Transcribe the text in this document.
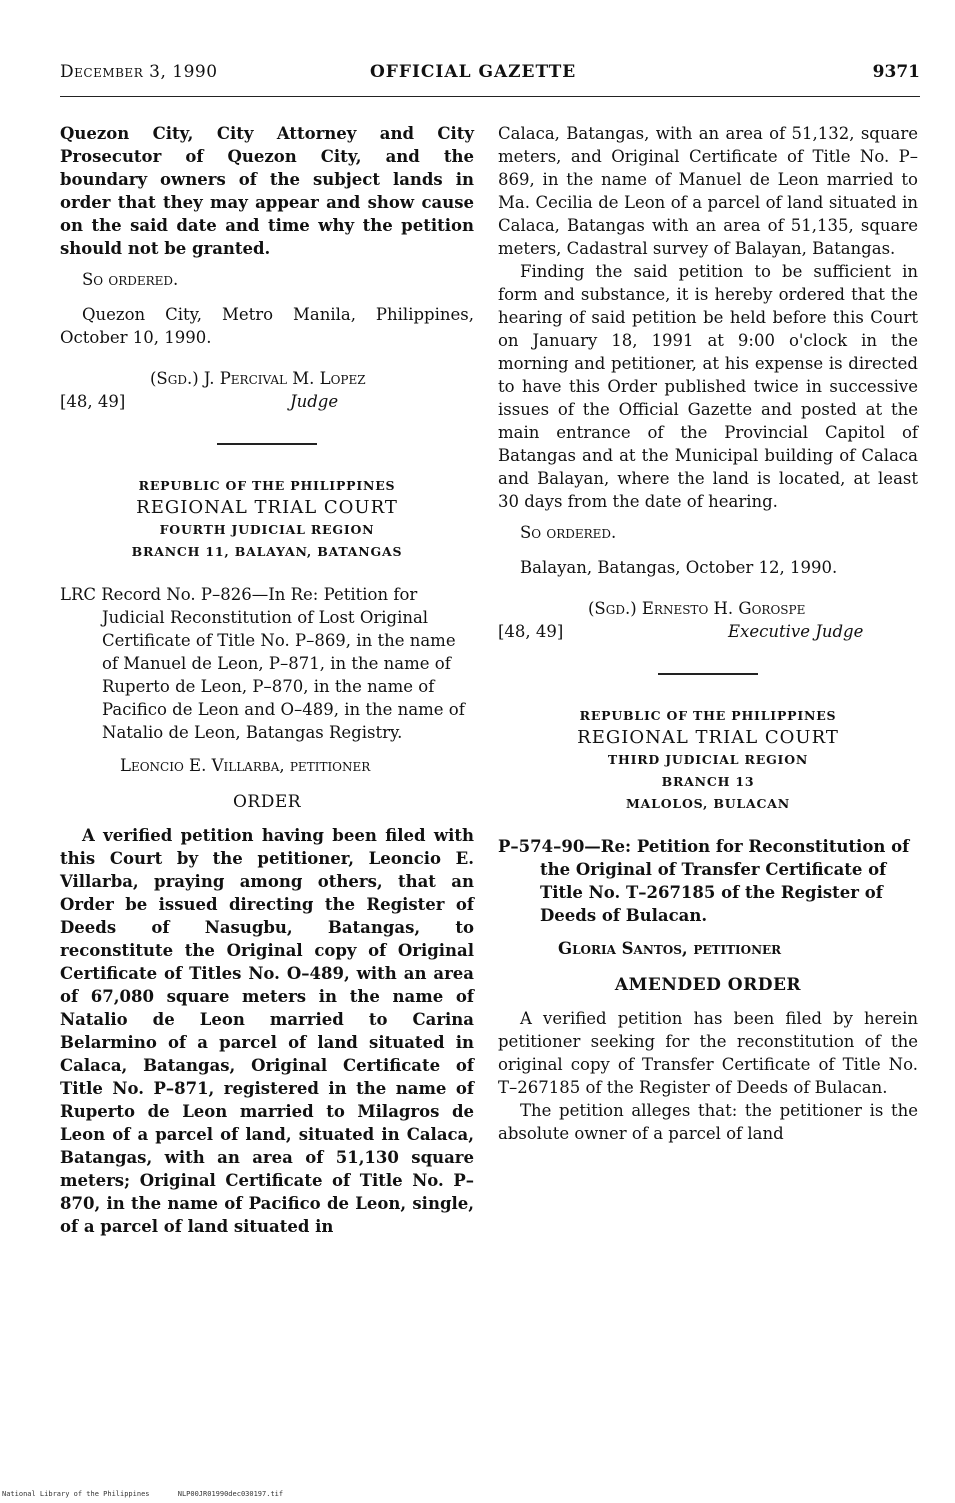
December 3, 1990	OFFICIAL GAZETTE	9371

Quezon City, City Attorney and City Prosecutor of Quezon City, and the boundary owners of the subject lands in order that they may appear and show cause on the said date and time why the petition should not be granted.

So ordered.

Quezon City, Metro Manila, Philippines, October 10, 1990.

(Sgd.) J. Percival M. Lopez
[48, 49]	Judge
REPUBLIC OF THE PHILIPPINES
REGIONAL TRIAL COURT
FOURTH JUDICIAL REGION
BRANCH 11, BALAYAN, BATANGAS

LRC Record No. P–826—In Re: Petition for Judicial Reconstitution of Lost Original Certificate of Title No. P–869, in the name of Manuel de Leon, P–871, in the name of Ruperto de Leon, P–870, in the name of Pacifico de Leon and O–489, in the name of Natalio de Leon, Batangas Registry.

Leoncio E. Villarba, petitioner

ORDER

A verified petition having been filed with this Court by the petitioner, Leoncio E. Villarba, praying among others, that an Order be issued directing the Register of Deeds of Nasugbu, Batangas, to reconstitute the Original copy of Original Certificate of Titles No. O–489, with an area of 67,080 square meters in the name of Natalio de Leon married to Carina Belarmino of a parcel of land situated in Calaca, Batangas, Original Certificate of Title No. P–871, registered in the name of Ruperto de Leon married to Milagros de Leon of a parcel of land, situated in Calaca, Batangas, with an area of 51,130 square meters; Original Certificate of Title No. P–870, in the name of Pacifico de Leon, single, of a parcel of land situated in

Calaca, Batangas, with an area of 51,132, square meters, and Original Certificate of Title No. P–869, in the name of Manuel de Leon married to Ma. Cecilia de Leon of a parcel of land situated in Calaca, Batangas with an area of 51,135, square meters, Cadastral survey of Balayan, Batangas.

Finding the said petition to be sufficient in form and substance, it is hereby ordered that the hearing of said petition be held before this Court on January 18, 1991 at 9:00 o'clock in the morning and petitioner, at his expense is directed to have this Order published twice in successive issues of the Official Gazette and posted at the main entrance of the Provincial Capitol of Batangas and at the Municipal building of Calaca and Balayan, where the land is located, at least 30 days from the date of hearing.

So ordered.

Balayan, Batangas, October 12, 1990.

(Sgd.) Ernesto H. Gorospe
[48, 49]	Executive Judge
REPUBLIC OF THE PHILIPPINES
REGIONAL TRIAL COURT
THIRD JUDICIAL REGION
BRANCH 13
MALOLOS, BULACAN

P–574–90—Re: Petition for Reconstitution of the Original of Transfer Certificate of Title No. T–267185 of the Register of Deeds of Bulacan.

Gloria Santos, petitioner

AMENDED ORDER

A verified petition has been filed by herein petitioner seeking for the reconstitution of the original copy of Transfer Certificate of Title No. T–267185 of the Register of Deeds of Bulacan.

The petition alleges that: the petitioner is the absolute owner of a parcel of land

National Library of the Philippines	NLP00JR01990dec030197.tif
